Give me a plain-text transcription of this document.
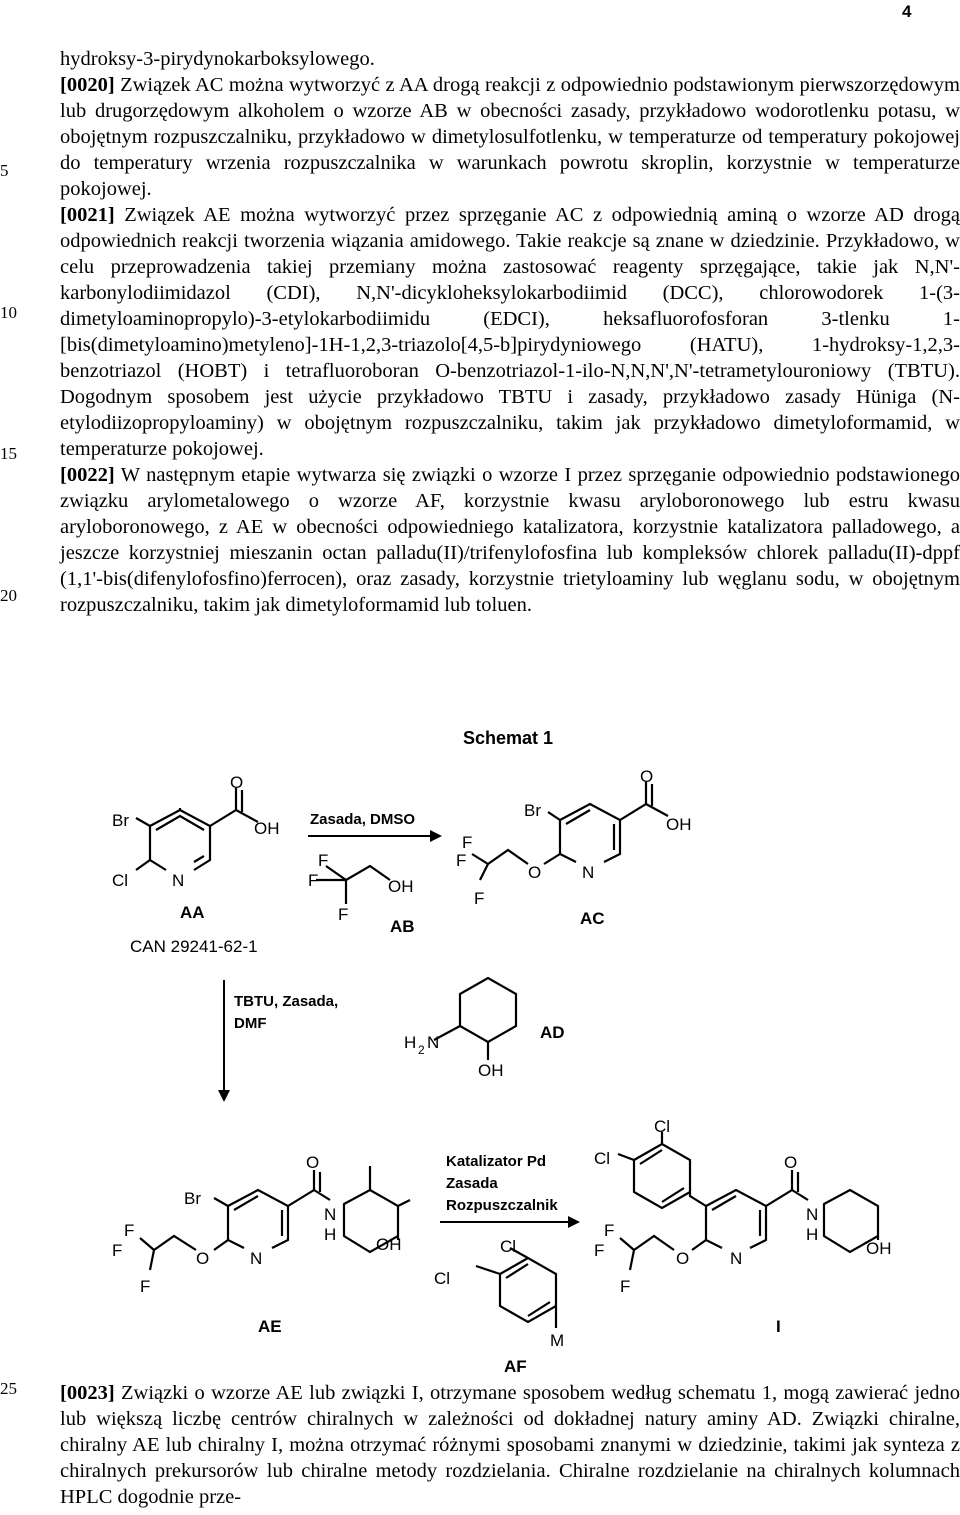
4
5
10
15
20
25

hydroksy-3-pirydynokarboksylowego.

[0020] Związek AC można wytworzyć z AA drogą reakcji z odpowiednio podstawionym pierwszorzędowym lub drugorzędowym alkoholem o wzorze AB w obecności zasady, przykładowo wodorotlenku potasu, w obojętnym rozpuszczalniku, przykładowo w dimetylosulfotlenku, w temperaturze od temperatury pokojowej do temperatury wrzenia rozpuszczalnika w warunkach powrotu skroplin, korzystnie w temperaturze pokojowej.

[0021] Związek AE można wytworzyć przez sprzęganie AC z odpowiednią aminą o wzorze AD drogą odpowiednich reakcji tworzenia wiązania amidowego. Takie reakcje są znane w dziedzinie. Przykładowo, w celu przeprowadzenia takiej przemiany można zastosować reagenty sprzęgające, takie jak N,N'-karbonylodiimidazol (CDI), N,N'-dicykloheksylokarbodiimid (DCC), chlorowodorek 1-(3-dimetyloaminopropylo)-3-etylokarbodiimidu (EDCI), heksafluorofosforan 3-tlenku 1-[bis(dimetyloamino)metyleno]-1H-1,2,3-triazolo[4,5-b]pirydyniowego (HATU), 1-hydroksy-1,2,3-benzotriazol (HOBT) i tetrafluoroboran O-benzotriazol-1-ilo-N,N,N',N'-tetrametylouroniowy (TBTU). Dogodnym sposobem jest użycie przykładowo TBTU i zasady, przykładowo zasady Hüniga (N-etylodiizopropyloaminy) w obojętnym rozpuszczalniku, takim jak przykładowo dimetyloformamid, w temperaturze pokojowej.

[0022] W następnym etapie wytwarza się związki o wzorze I przez sprzęganie odpowiednio podstawionego związku arylometalowego o wzorze AF, korzystnie kwasu aryloboronowego lub estru kwasu aryloboronowego, z AE w obecności odpowiedniego katalizatora, korzystnie katalizatora palladowego, a jeszcze korzystniej mieszanin octan palladu(II)/trifenylofosfina lub kompleksów chlorek palladu(II)-dppf (1,1'-bis(difenylofosfino)ferrocen), oraz zasady, korzystnie trietyloaminy lub węglanu sodu, w obojętnym rozpuszczalniku, takim jak dimetyloformamid lub toluen.

Schemat 1
Br
Cl	N
O
OH
AA
CAN 29241-62-1
Zasada, DMSO
F
F
F
OH
AB
Br
N
O
O
OH
F
F
F
AC
TBTU, Zasada,
DMF
H 2 N
OH
AD
Br
N
O
O
N
H
OH
F
F
F
AE
Katalizator Pd
Zasada
Rozpuszczalnik
Cl
Cl
M
AF
Cl
Cl
N
O
O
N
H
OH
F
F
F
I

[0023] Związki o wzorze AE lub związki I, otrzymane sposobem według schematu 1, mogą zawierać jedno lub większą liczbę centrów chiralnych w zależności od dokładnej natury aminy AD. Związki chiralne, chiralny AE lub chiralny I, można otrzymać różnymi sposobami znanymi w dziedzinie, takimi jak synteza z chiralnych prekursorów lub chiralne metody rozdzielania. Chiralne rozdzielanie na chiralnych kolumnach HPLC dogodnie prze-
